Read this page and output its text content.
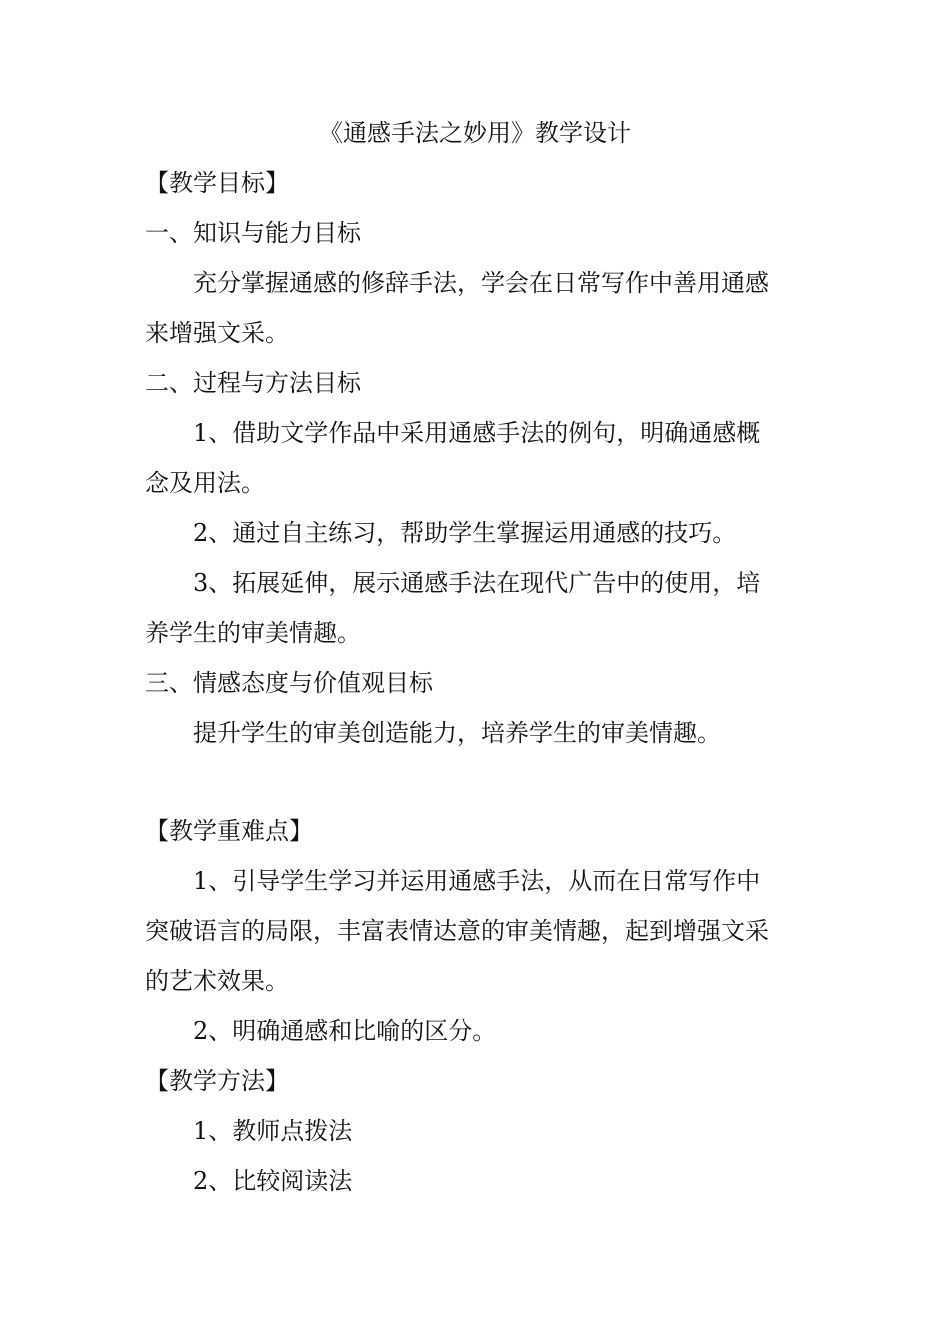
《通感手法之妙用》教学设计
【教学目标】
一、知识与能力目标
充分掌握通感的修辞手法，学会在日常写作中善用通感
来增强文采。
二、过程与方法目标
1、借助文学作品中采用通感手法的例句，明确通感概
念及用法。
2、通过自主练习，帮助学生掌握运用通感的技巧。
3、拓展延伸，展示通感手法在现代广告中的使用，培
养学生的审美情趣。
三、情感态度与价值观目标
提升学生的审美创造能力，培养学生的审美情趣。
【教学重难点】
1、引导学生学习并运用通感手法，从而在日常写作中
突破语言的局限，丰富表情达意的审美情趣，起到增强文采
的艺术效果。
2、明确通感和比喻的区分。
【教学方法】
1、教师点拨法
2、比较阅读法
